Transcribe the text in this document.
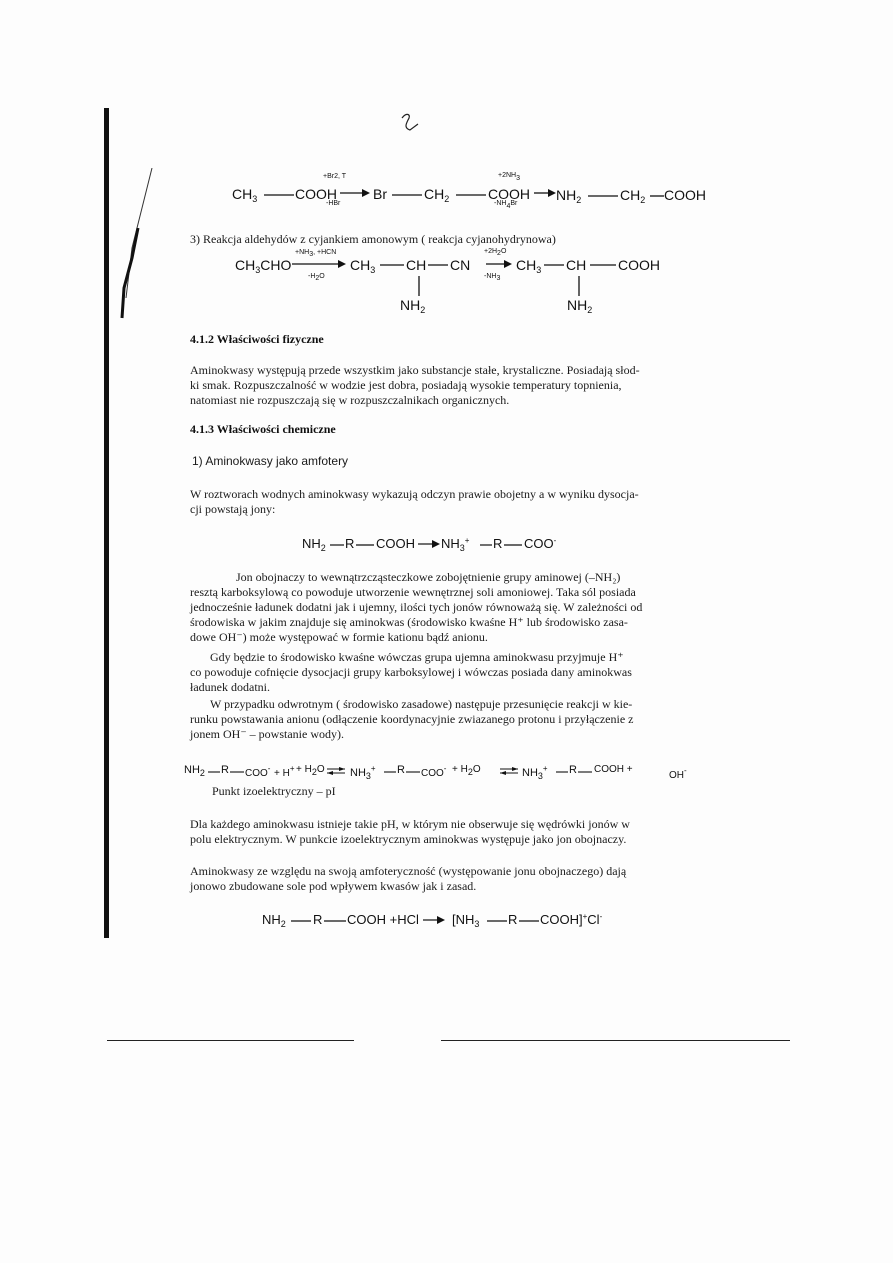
$CH_3$	COOH
+Br2, T
-HBr
→ Br	$CH_2$	COOH
+2NH3
-NH4Br
→ $NH_2$	$CH_2$ COOH
3) Reakcja aldehydów z cyjankiem amonowym ( reakcja cyjanohydrynowa)
$CH_3CHO$
+NH3, +HCN
-H2O
$CH_3$ CH CN
$NH_2$
+2H2O
-NH3
$CH_3$ CH COOH
$NH_2$
4.1.2 Właściwości fizyczne
Aminokwasy występują przede wszystkim jako substancje stałe, krystaliczne. Posiadają słod-
ki smak. Rozpuszczalność w wodzie jest dobra, posiadają wysokie temperatury topnienia,
natomiast nie rozpuszczają się w rozpuszczalnikach organicznych.
4.1.3 Właściwości chemiczne
1) Aminokwasy jako amfotery
W roztworach wodnych aminokwasy wykazują odczyn prawie obojetny a w wyniku dysocja-
cji powstają jony:
$NH_2$ R COOH → $NH_3^+$ R COO-
Jon obojnaczy to wewnątrzcząsteczkowe zobojętnienie grupy aminowej (–NH₂)
resztą karboksylową co powoduje utworzenie wewnętrznej soli amoniowej. Taka sól posiada
jednocześnie ładunek dodatni jak i ujemny, ilości tych jonów równoważą się. W zależności od
środowiska w jakim znajduje się aminokwas (środowisko kwaśne H⁺ lub środowisko zasa-
dowe OH⁻) może występować w formie kationu bądź anionu.
Gdy będzie to środowisko kwaśne wówczas grupa ujemna aminokwasu przyjmuje H⁺
co powoduje cofnięcie dysocjacji grupy karboksylowej i wówczas posiada dany aminokwas
ładunek dodatni.
W przypadku odwrotnym ( środowisko zasadowe) następuje przesunięcie reakcji w kie-
runku powstawania anionu (odłączenie koordynacyjnie zwiazanego protonu i przyłączenie z
jonem OH⁻ – powstanie wody).
$NH_2$ R COO- + H+ + H2O ⇌ $NH_3^+$ R COO- + H2O ⇌ $NH_3^+$ R COOH +
OH-
Punkt izoelektryczny – pI
Dla każdego aminokwasu istnieje takie pH, w którym nie obserwuje się wędrówki jonów w
polu elektrycznym. W punkcie izoelektrycznym aminokwas występuje jako jon obojnaczy.
Aminokwasy ze względu na swoją amfoteryczność (występowanie jonu obojnaczego) dają
jonowo zbudowane sole pod wpływem kwasów jak i zasad.
$NH_2$ R COOH $+HCl \to [NH_3$ R COOH]+Cl-
